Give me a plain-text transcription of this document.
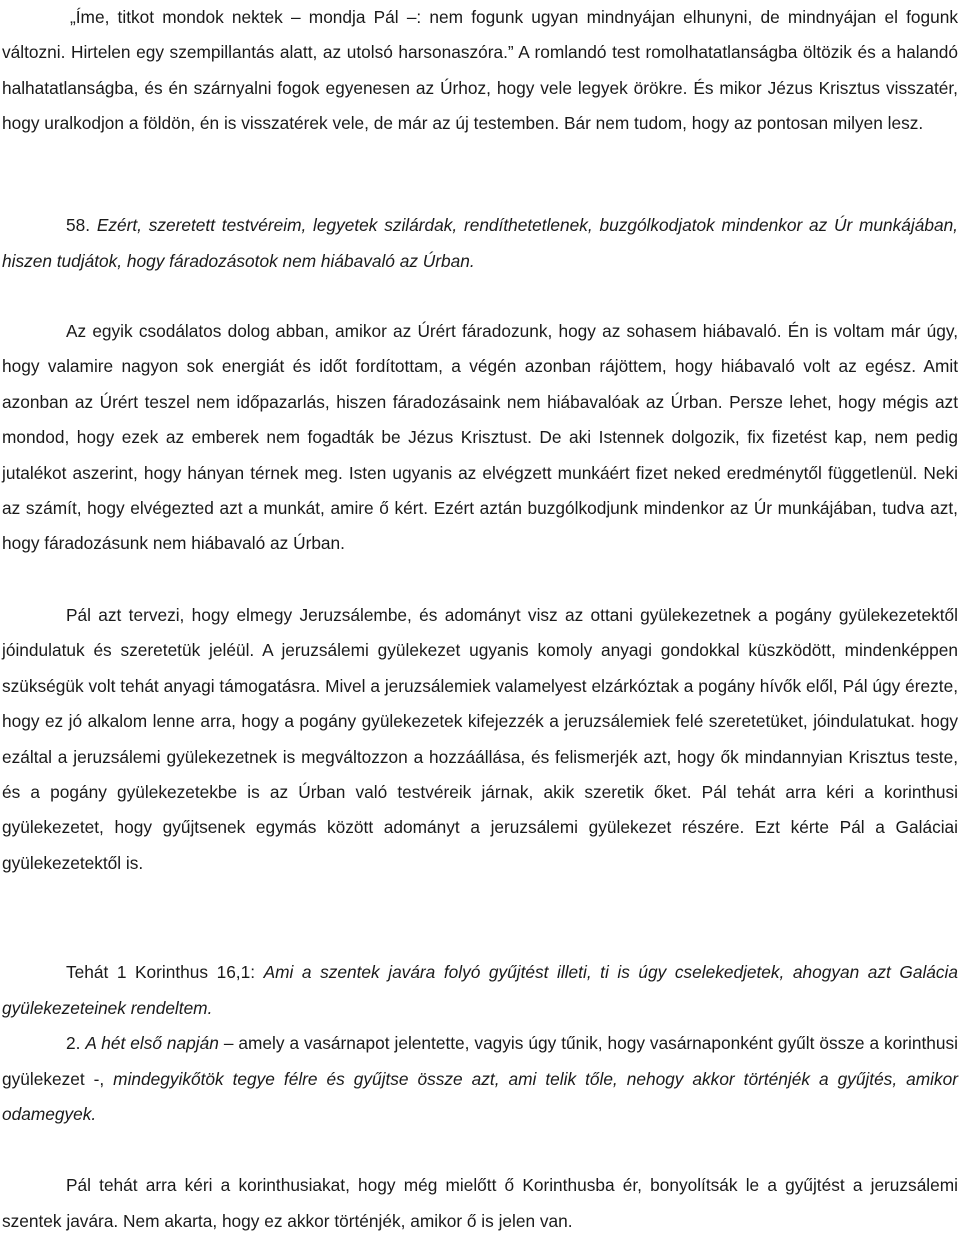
„Íme, titkot mondok nektek – mondja Pál –: nem fogunk ugyan mindnyájan elhunyni, de mindnyájan el fogunk változni. Hirtelen egy szempillantás alatt, az utolsó harsonaszóra.” A romlandó test romolhatatlanságba öltözik és a halandó halhatatlanságba, és én szárnyalni fogok egyenesen az Úrhoz, hogy vele legyek örökre. És mikor Jézus Krisztus visszatér, hogy uralkodjon a földön, én is visszatérek vele, de már az új testemben. Bár nem tudom, hogy az pontosan milyen lesz.

58. Ezért, szeretett testvéreim, legyetek szilárdak, rendíthetetlenek, buzgólkodjatok mindenkor az Úr munkájában, hiszen tudjátok, hogy fáradozásotok nem hiábavaló az Úrban.

Az egyik csodálatos dolog abban, amikor az Úrért fáradozunk, hogy az sohasem hiábavaló. Én is voltam már úgy, hogy valamire nagyon sok energiát és időt fordítottam, a végén azonban rájöttem, hogy hiábavaló volt az egész. Amit azonban az Úrért teszel nem időpazarlás, hiszen fáradozásaink nem hiábavalóak az Úrban. Persze lehet, hogy mégis azt mondod, hogy ezek az emberek nem fogadták be Jézus Krisztust. De aki Istennek dolgozik, fix fizetést kap, nem pedig jutalékot aszerint, hogy hányan térnek meg. Isten ugyanis az elvégzett munkáért fizet neked eredménytől függetlenül. Neki az számít, hogy elvégezted azt a munkát, amire ő kért. Ezért aztán buzgólkodjunk mindenkor az Úr munkájában, tudva azt, hogy fáradozásunk nem hiábavaló az Úrban.

Pál azt tervezi, hogy elmegy Jeruzsálembe, és adományt visz az ottani gyülekezetnek a pogány gyülekezetektől jóindulatuk és szeretetük jeléül. A jeruzsálemi gyülekezet ugyanis komoly anyagi gondokkal küszködött, mindenképpen szükségük volt tehát anyagi támogatásra. Mivel a jeruzsálemiek valamelyest elzárkóztak a pogány hívők elől, Pál úgy érezte, hogy ez jó alkalom lenne arra, hogy a pogány gyülekezetek kifejezzék a jeruzsálemiek felé szeretetüket, jóindulatukat. hogy ezáltal a jeruzsálemi gyülekezetnek is megváltozzon a hozzáállása, és felismerjék azt, hogy ők mindannyian Krisztus teste, és a pogány gyülekezetekbe is az Úrban való testvéreik járnak, akik szeretik őket. Pál tehát arra kéri a korinthusi gyülekezetet, hogy gyűjtsenek egymás között adományt a jeruzsálemi gyülekezet részére. Ezt kérte Pál a Galáciai gyülekezetektől is.

Tehát 1 Korinthus 16,1: Ami a szentek javára folyó gyűjtést illeti, ti is úgy cselekedjetek, ahogyan azt Galácia gyülekezeteinek rendeltem.

2. A hét első napján – amely a vasárnapot jelentette, vagyis úgy tűnik, hogy vasárnaponként gyűlt össze a korinthusi gyülekezet -, mindegyikőtök tegye félre és gyűjtse össze azt, ami telik tőle, nehogy akkor történjék a gyűjtés, amikor odamegyek.

Pál tehát arra kéri a korinthusiakat, hogy még mielőtt ő Korinthusba ér, bonyolítsák le a gyűjtést a jeruzsálemi szentek javára. Nem akarta, hogy ez akkor történjék, amikor ő is jelen van.
